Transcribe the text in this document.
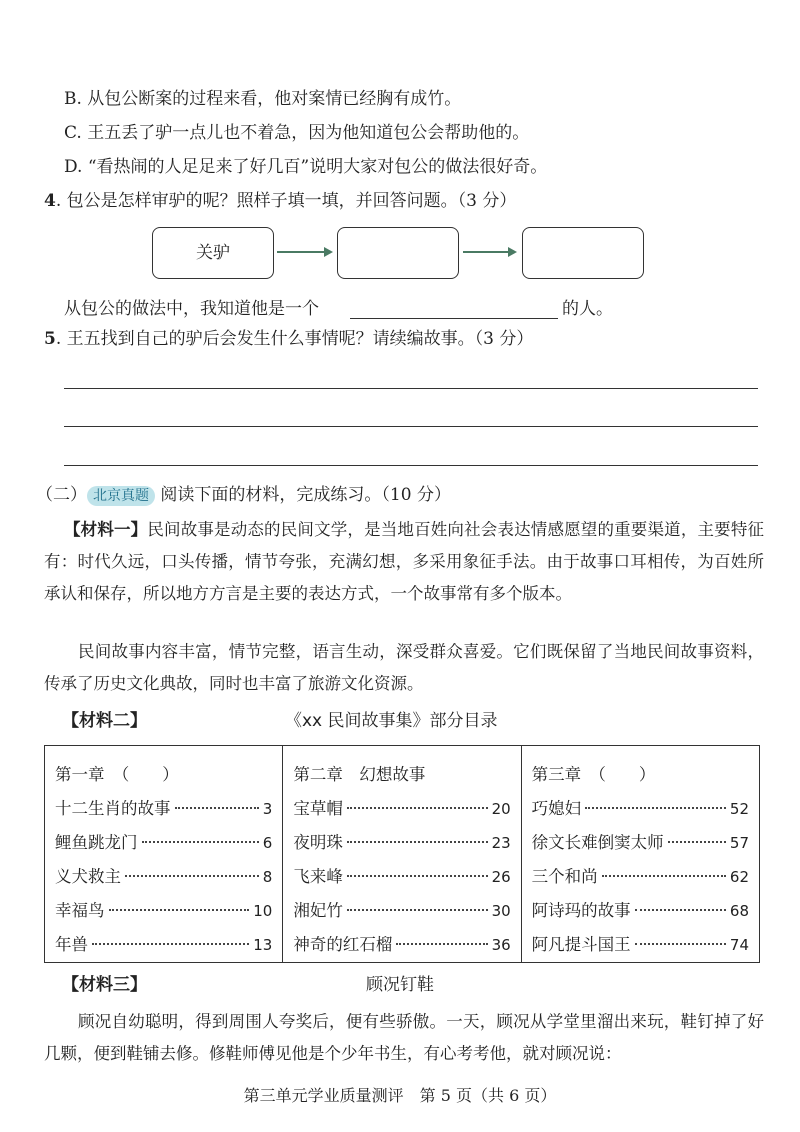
B. 从包公断案的过程来看，他对案情已经胸有成竹。
C. 王五丢了驴一点儿也不着急，因为他知道包公会帮助他的。
D. “看热闹的人足足来了好几百”说明大家对包公的做法很好奇。
4. 包公是怎样审驴的呢？照样子填一填，并回答问题。（3 分）
关驴
从包公的做法中，我知道他是一个	的人。
5. 王五找到自己的驴后会发生什么事情呢？请续编故事。（3 分）
（二） 北京真题 阅读下面的材料，完成练习。（10 分）
【材料一】民间故事是动态的民间文学，是当地百姓向社会表达情感愿望的重要渠道，主要特征有：时代久远，口头传播，情节夸张，充满幻想，多采用象征手法。由于故事口耳相传，为百姓所承认和保存，所以地方方言是主要的表达方式，一个故事常有多个版本。
民间故事内容丰富，情节完整，语言生动，深受群众喜爱。它们既保留了当地民间故事资料，传承了历史文化典故，同时也丰富了旅游文化资源。
【材料二】	《xx 民间故事集》部分目录
第一章　（　　）
十二生肖的故事	3
鲤鱼跳龙门	6
义犬救主	8
幸福鸟	10
年兽	13

第二章　幻想故事
宝草帽	20
夜明珠	23
飞来峰	26
湘妃竹	30
神奇的红石榴	36

第三章　（　　）
巧媳妇	52
徐文长难倒窦太师	57
三个和尚	62
阿诗玛的故事	68
阿凡提斗国王	74
【材料三】	顾况钉鞋
顾况自幼聪明，得到周围人夸奖后，便有些骄傲。一天，顾况从学堂里溜出来玩，鞋钉掉了好几颗，便到鞋铺去修。修鞋师傅见他是个少年书生，有心考考他，就对顾况说：
第三单元学业质量测评　第 5 页（共 6 页）
